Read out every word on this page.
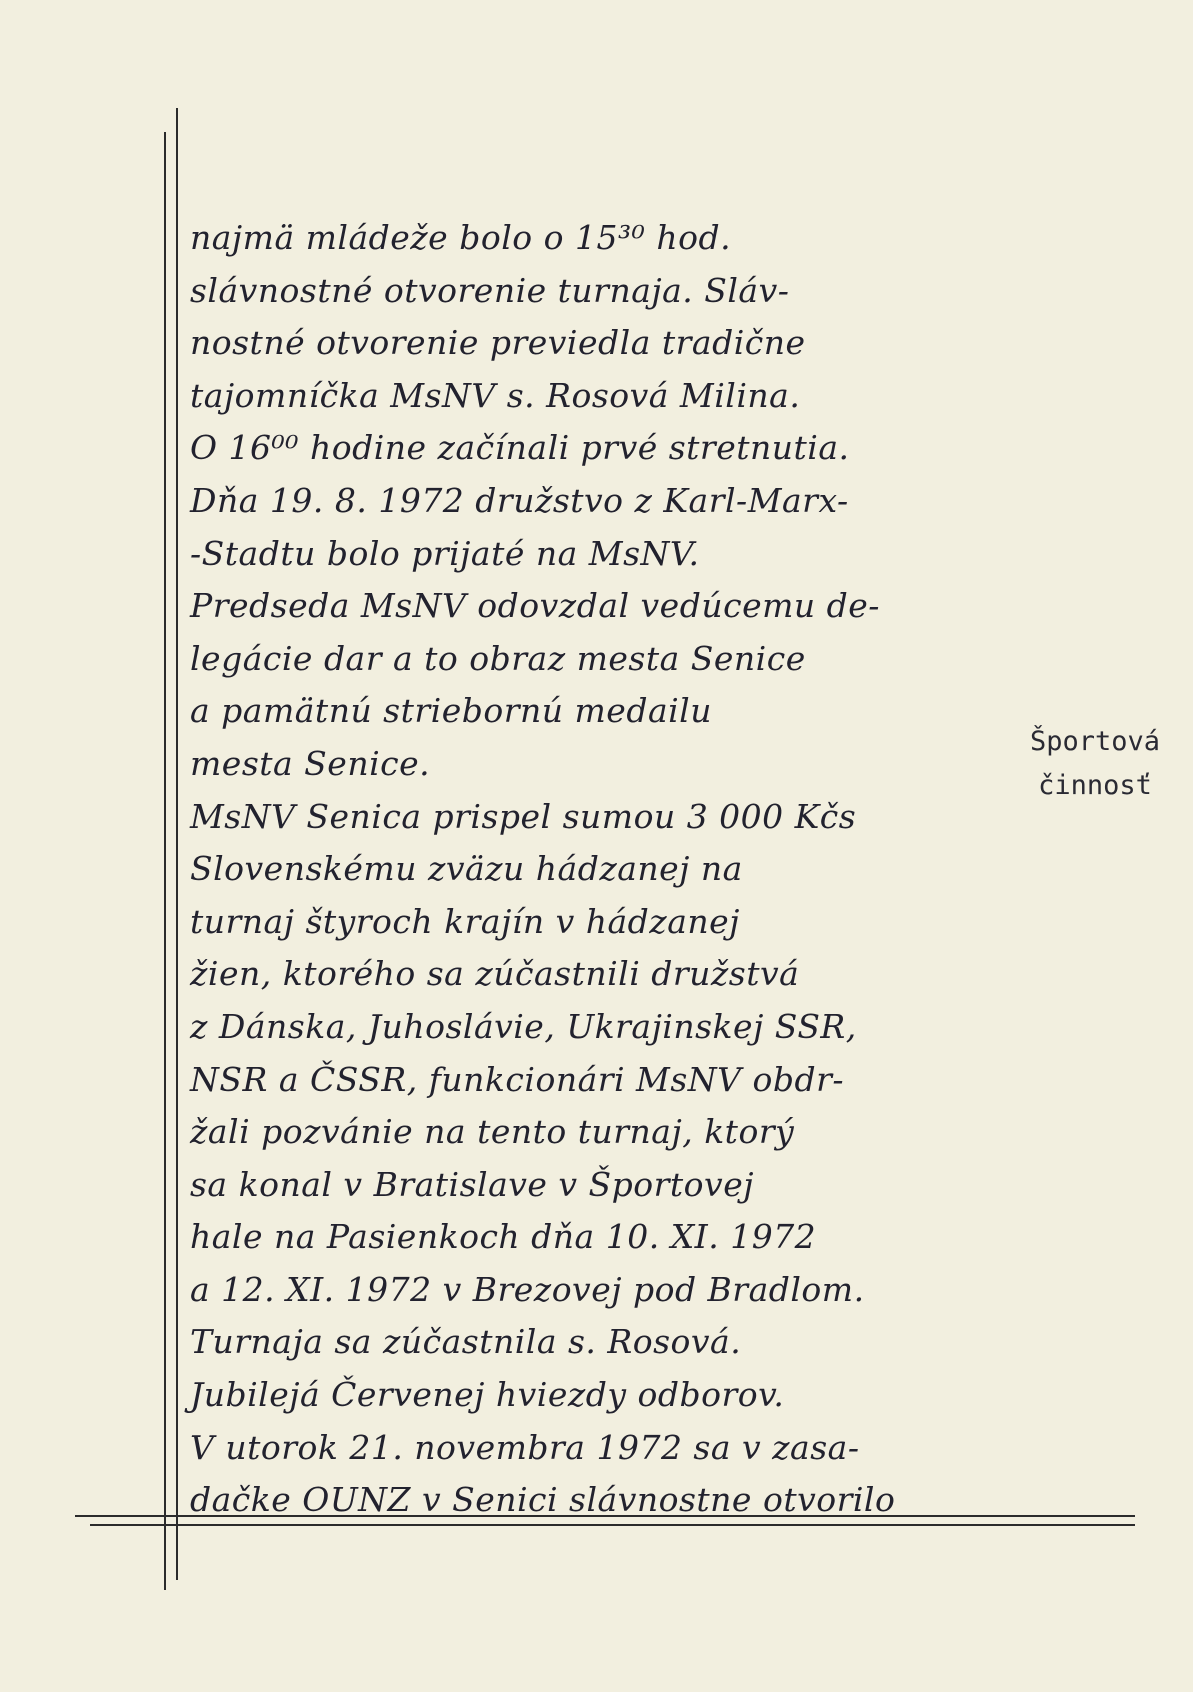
najmä mládeže bolo o 15³⁰ hod.
slávnostné otvorenie turnaja. Sláv-
nostné otvorenie previedla tradične
tajomníčka MsNV s. Rosová Milina.
O 16⁰⁰ hodine začínali prvé stretnutia.
Dňa 19. 8. 1972 družstvo z Karl-Marx-
-Stadtu bolo prijaté na MsNV.
Predseda MsNV odovzdal vedúcemu de-
legácie dar a to obraz mesta Senice
a pamätnú striebornú medailu
mesta Senice.
MsNV Senica prispel sumou 3 000 Kčs
Slovenskému zväzu hádzanej na
turnaj štyroch krajín v hádzanej
žien, ktorého sa zúčastnili družstvá
z Dánska, Juhoslávie, Ukrajinskej SSR,
NSR a ČSSR, funkcionári MsNV obdr-
žali pozvánie na tento turnaj, ktorý
sa konal v Bratislave v Športovej
hale na Pasienkoch dňa 10. XI. 1972
a 12. XI. 1972 v Brezovej pod Bradlom.
Turnaja sa zúčastnila s. Rosová.
Jubilejá Červenej hviezdy odborov.
V utorok 21. novembra 1972 sa v zasa-
dačke OUNZ v Senici slávnostne otvorilo
Športová
činnosť
